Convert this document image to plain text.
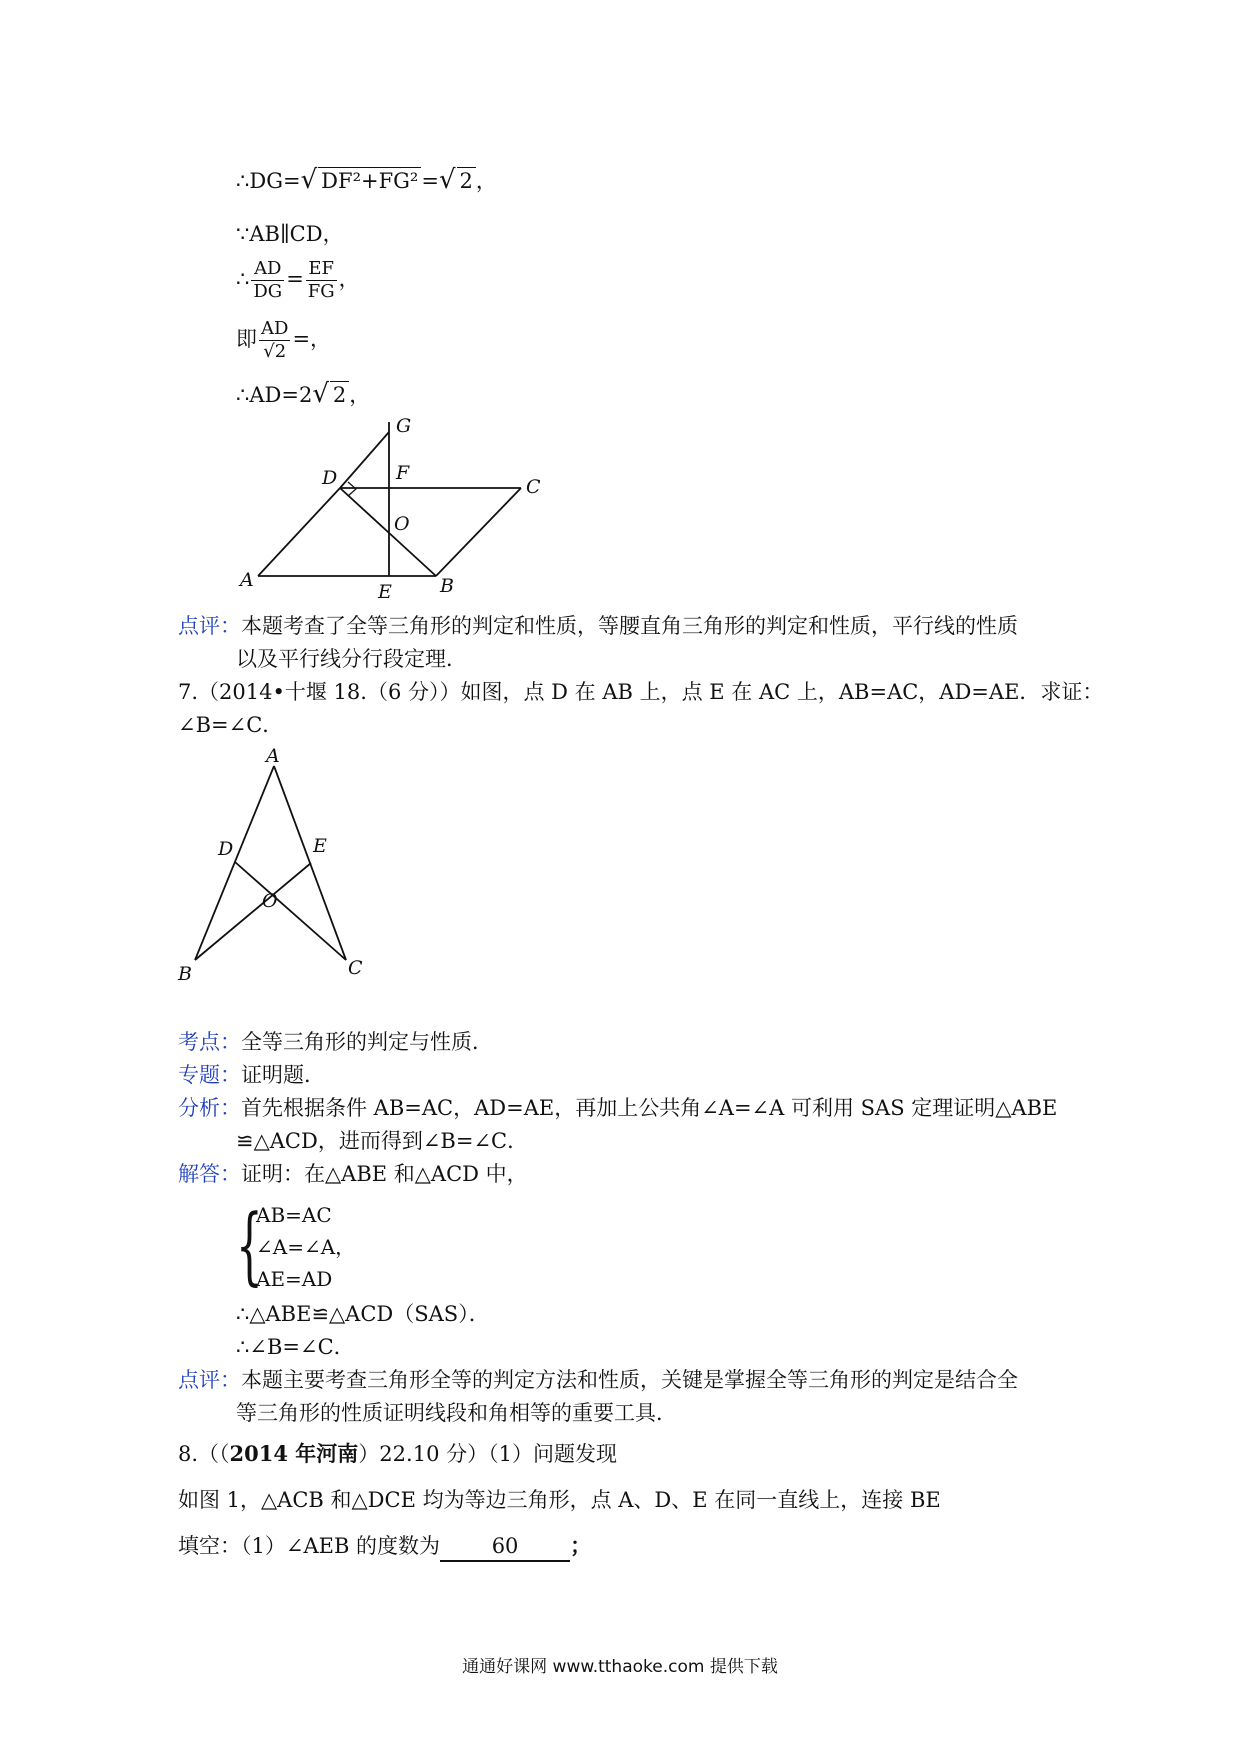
∴DG=√ DF²+FG² =√ 2 ，
∵AB∥CD，
∴ $\frac{AD}{DG} = \frac{EF}{FG}$ ，
即 $\frac{AD}{√2}$ =，
∴AD=2√ 2 ，
G
F
D	C
O
A
E	B
点评：本题考查了全等三角形的判定和性质，等腰直角三角形的判定和性质，平行线的性质
以及平行线分行段定理．
7.（2014•十堰 18.（6 分））如图，点 D 在 AB 上，点 E 在 AC 上，AB=AC，AD=AE．求证：
∠B=∠C．
A
D	E
O
B	C
考点：全等三角形的判定与性质．
专题：证明题．
分析：首先根据条件 AB=AC，AD=AE，再加上公共角∠A=∠A 可利用 SAS 定理证明△ABE
≌△ACD，进而得到∠B=∠C．
解答：证明：在△ABE 和△ACD 中，
{
AB=AC
∠A=∠A，
AE=AD
∴△ABE≌△ACD（SAS）．
∴∠B=∠C．
点评：本题主要考查三角形全等的判定方法和性质，关键是掌握全等三角形的判定是结合全
等三角形的性质证明线段和角相等的重要工具．
8.（（2014 年河南）22.10 分）（1）问题发现
如图 1，△ACB 和△DCE 均为等边三角形，点 A、D、E 在同一直线上，连接 BE
填空：（1）∠AEB 的度数为 60 ；
通通好课网 www.tthaoke.com 提供下载
